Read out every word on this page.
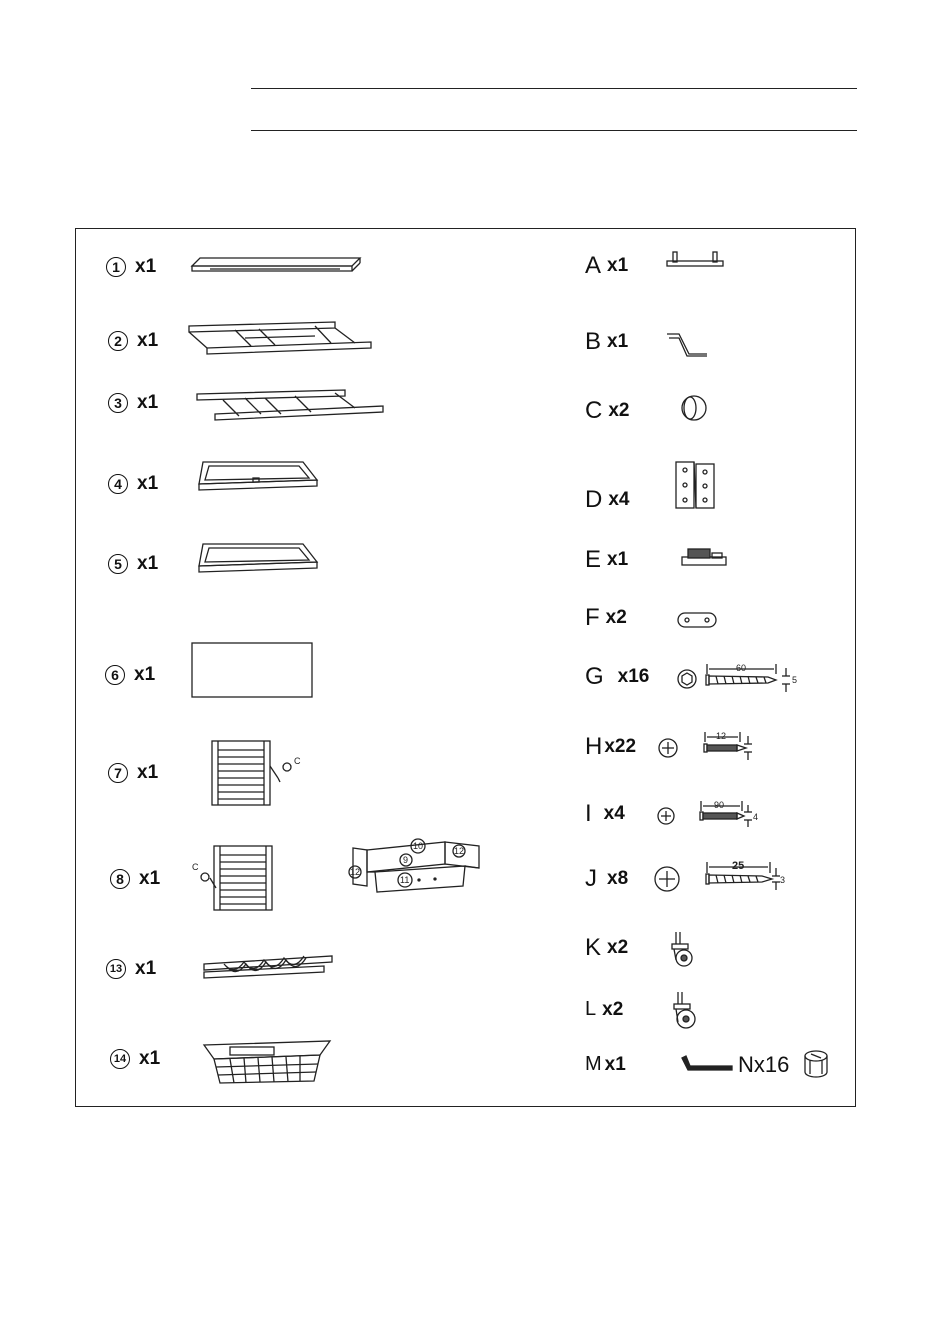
1 x1
2 x1
3 x1
4 x1
5 x1
6 x1
7 x1
8 x1
13 x1
14 x1
C
C
10
9
11
12
12
A x1
B x1
C x2
D x4
E x1
F x2
G x16
H x22
I x4
J x8
K x2
L x2
M x1
60
5
12
90
4
25
3
Nx16
